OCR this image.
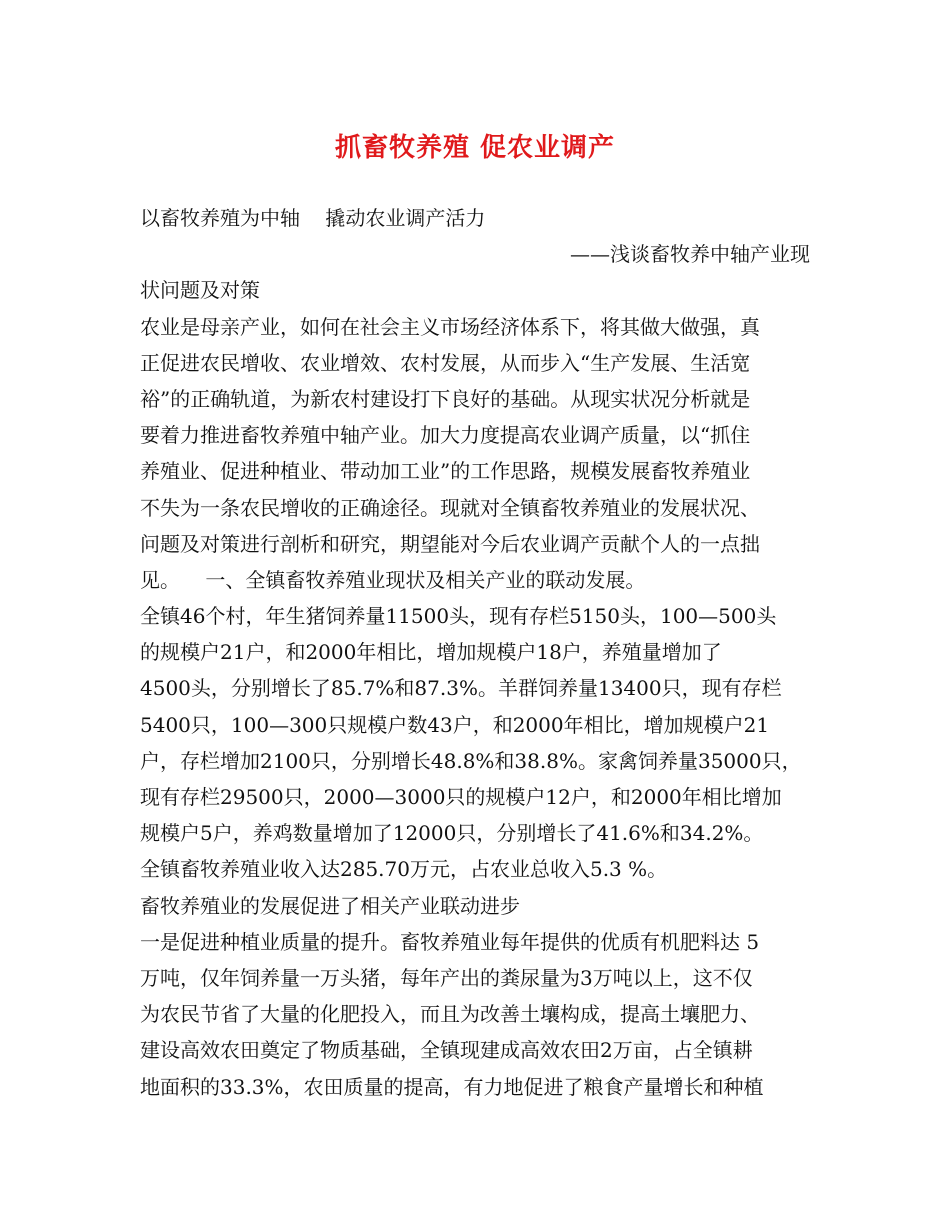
抓畜牧养殖 促农业调产
以畜牧养殖为中轴    撬动农业调产活力
——浅谈畜牧养中轴产业现
状问题及对策
农业是母亲产业，如何在社会主义市场经济体系下，将其做大做强，真
正促进农民增收、农业增效、农村发展，从而步入“生产发展、生活宽
裕”的正确轨道，为新农村建设打下良好的基础。从现实状况分析就是
要着力推进畜牧养殖中轴产业。加大力度提高农业调产质量，以“抓住
养殖业、促进种植业、带动加工业”的工作思路，规模发展畜牧养殖业
不失为一条农民增收的正确途径。现就对全镇畜牧养殖业的发展状况、
问题及对策进行剖析和研究，期望能对今后农业调产贡献个人的一点拙
见。    一、全镇畜牧养殖业现状及相关产业的联动发展。
全镇46个村，年生猪饲养量11500头，现有存栏5150头，100—500头
的规模户21户，和2000年相比，增加规模户18户，养殖量增加了
4500头，分别增长了85.7%和87.3%。羊群饲养量13400只，现有存栏
5400只，100—300只规模户数43户，和2000年相比，增加规模户21
户，存栏增加2100只，分别增长48.8%和38.8%。家禽饲养量35000只，
现有存栏29500只，2000—3000只的规模户12户，和2000年相比增加
规模户5户，养鸡数量增加了12000只，分别增长了41.6%和34.2%。
全镇畜牧养殖业收入达285.70万元，占农业总收入5.3 %。
畜牧养殖业的发展促进了相关产业联动进步
一是促进种植业质量的提升。畜牧养殖业每年提供的优质有机肥料达 5
万吨，仅年饲养量一万头猪，每年产出的粪尿量为3万吨以上，这不仅
为农民节省了大量的化肥投入，而且为改善土壤构成，提高土壤肥力、
建设高效农田奠定了物质基础，全镇现建成高效农田2万亩，占全镇耕
地面积的33.3%，农田质量的提高，有力地促进了粮食产量增长和种植
